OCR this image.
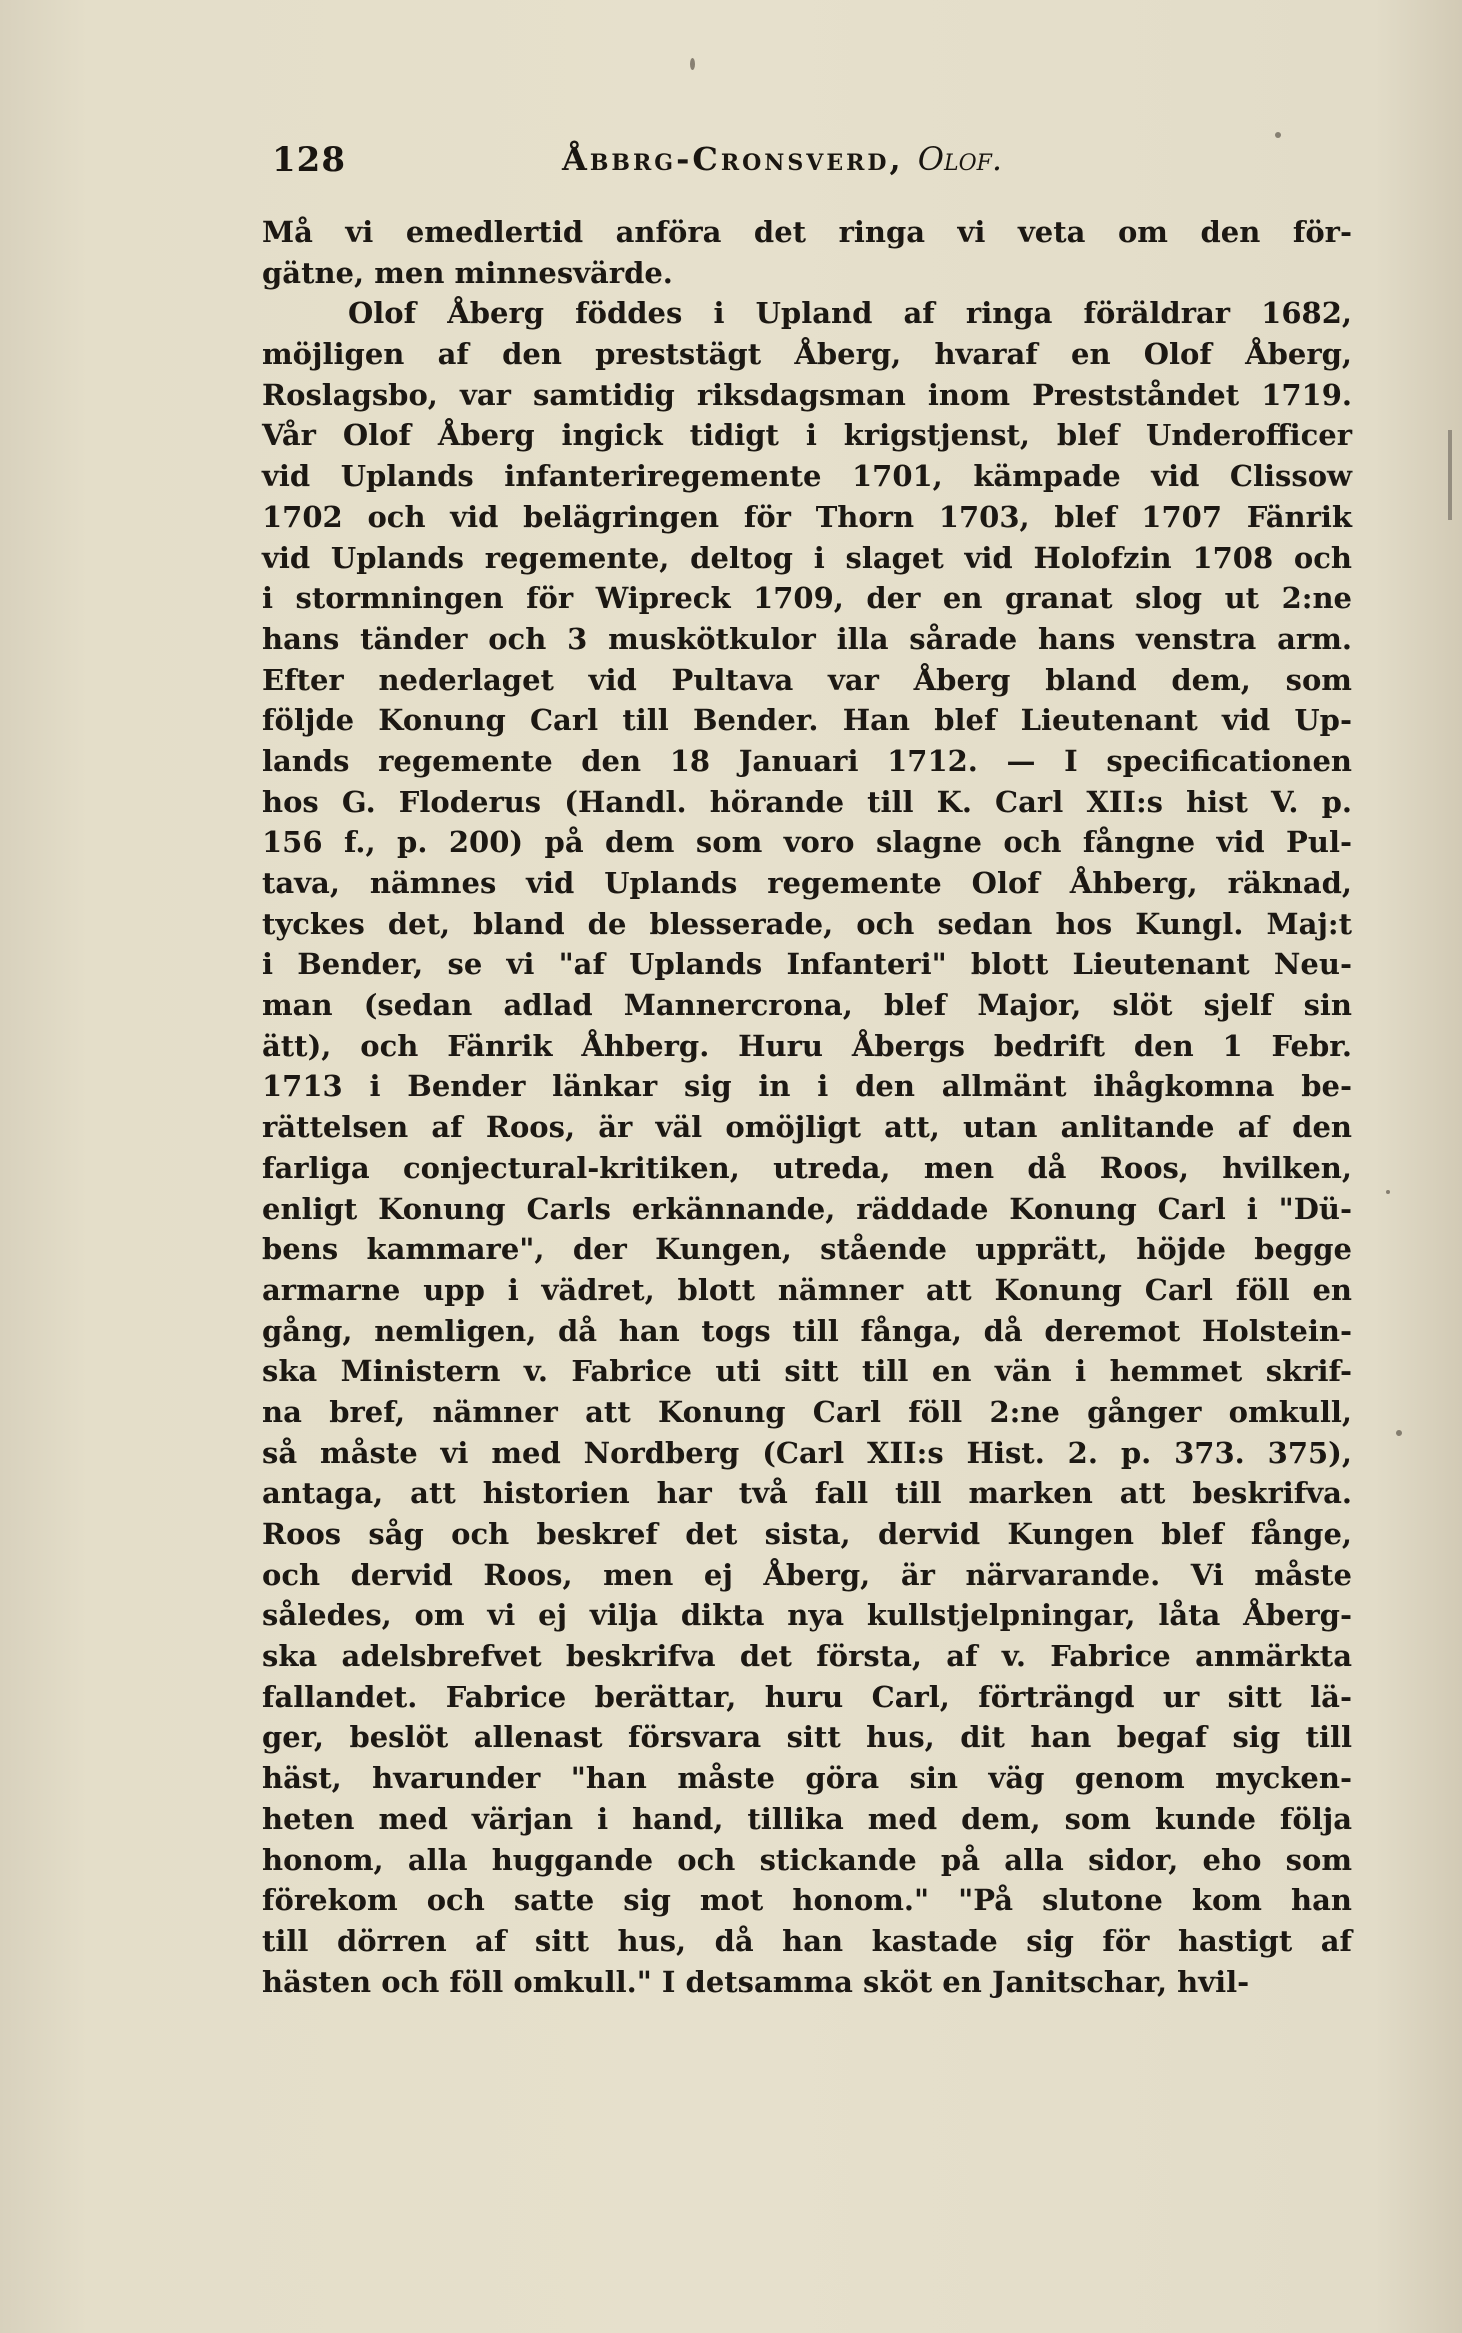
128	Åbbrg-Cronsverd, Olof.
Må vi emedlertid anföra det ringa vi veta om den för-
gätne, men minnesvärde.
Olof Åberg föddes i Upland af ringa föräldrar 1682,
möjligen af den preststägt Åberg, hvaraf en Olof Åberg,
Roslagsbo, var samtidig riksdagsman inom Prestståndet 1719.
Vår Olof Åberg ingick tidigt i krigstjenst, blef Underofficer
vid Uplands infanteriregemente 1701, kämpade vid Clissow
1702 och vid belägringen för Thorn 1703, blef 1707 Fänrik
vid Uplands regemente, deltog i slaget vid Holofzin 1708 och
i stormningen för Wipreck 1709, der en granat slog ut 2:ne
hans tänder och 3 muskötkulor illa sårade hans venstra arm.
Efter nederlaget vid Pultava var Åberg bland dem, som
följde Konung Carl till Bender. Han blef Lieutenant vid Up-
lands regemente den 18 Januari 1712. — I specificationen
hos G. Floderus (Handl. hörande till K. Carl XII:s hist V. p.
156 f., p. 200) på dem som voro slagne och fångne vid Pul-
tava, nämnes vid Uplands regemente Olof Åhberg, räknad,
tyckes det, bland de blesserade, och sedan hos Kungl. Maj:t
i Bender, se vi "af Uplands Infanteri" blott Lieutenant Neu-
man (sedan adlad Mannercrona, blef Major, slöt sjelf sin
ätt), och Fänrik Åhberg. Huru Åbergs bedrift den 1 Febr.
1713 i Bender länkar sig in i den allmänt ihågkomna be-
rättelsen af Roos, är väl omöjligt att, utan anlitande af den
farliga conjectural-kritiken, utreda, men då Roos, hvilken,
enligt Konung Carls erkännande, räddade Konung Carl i "Dü-
bens kammare", der Kungen, stående upprätt, höjde begge
armarne upp i vädret, blott nämner att Konung Carl föll en
gång, nemligen, då han togs till fånga, då deremot Holstein-
ska Ministern v. Fabrice uti sitt till en vän i hemmet skrif-
na bref, nämner att Konung Carl föll 2:ne gånger omkull,
så måste vi med Nordberg (Carl XII:s Hist. 2. p. 373. 375),
antaga, att historien har två fall till marken att beskrifva.
Roos såg och beskref det sista, dervid Kungen blef fånge,
och dervid Roos, men ej Åberg, är närvarande. Vi måste
således, om vi ej vilja dikta nya kullstjelpningar, låta Åberg-
ska adelsbrefvet beskrifva det första, af v. Fabrice anmärkta
fallandet. Fabrice berättar, huru Carl, förträngd ur sitt lä-
ger, beslöt allenast försvara sitt hus, dit han begaf sig till
häst, hvarunder "han måste göra sin väg genom mycken-
heten med värjan i hand, tillika med dem, som kunde följa
honom, alla huggande och stickande på alla sidor, eho som
förekom och satte sig mot honom." "På slutone kom han
till dörren af sitt hus, då han kastade sig för hastigt af
hästen och föll omkull." I detsamma sköt en Janitschar, hvil-
